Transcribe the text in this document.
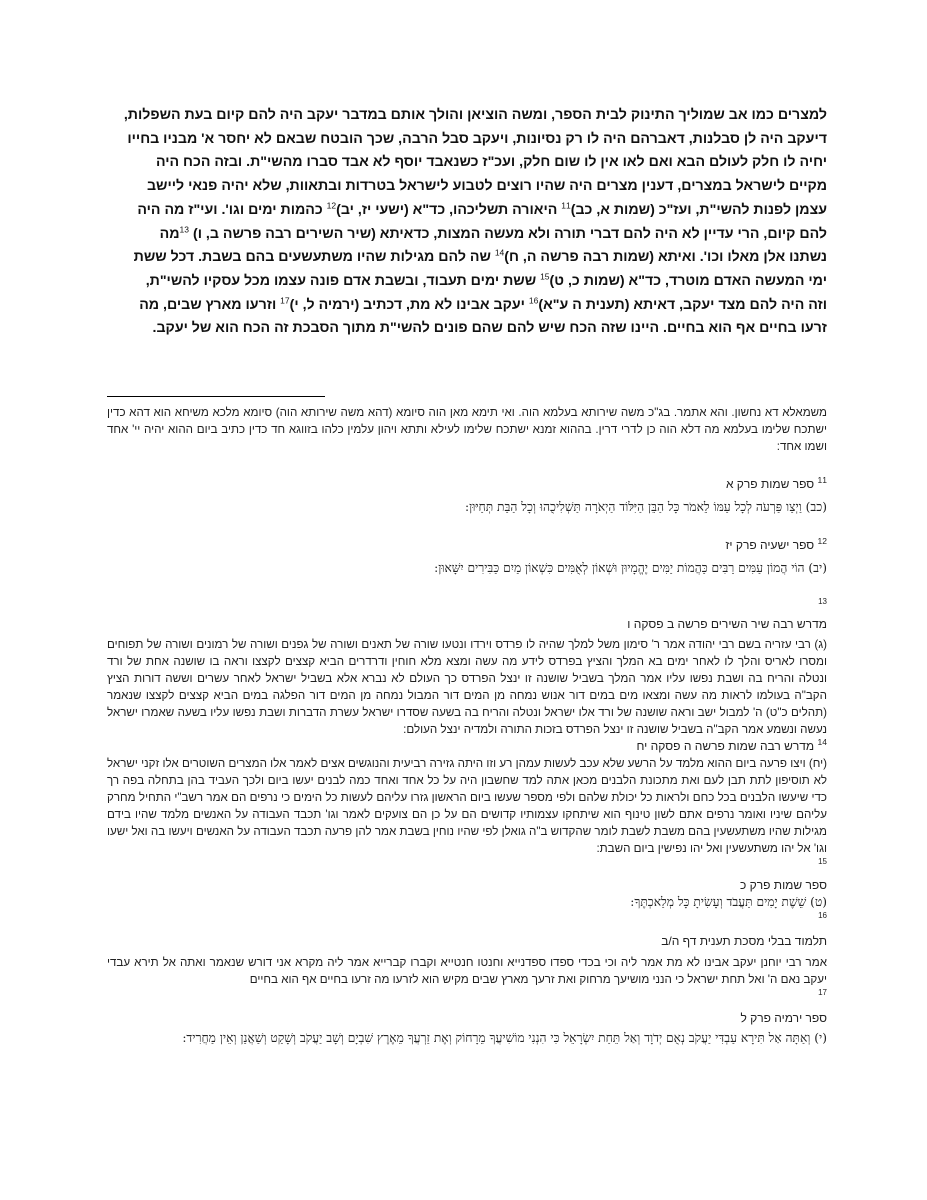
למצרים כמו אב שמוליך התינוק לבית הספר, ומשה הוציאן והולך אותם במדבר יעקב היה להם קיום בעת השפלות,
דיעקב היה לן סבלנות, דאברהם היה לו רק נסיונות, ויעקב סבל הרבה, שכך הובטח שבאם לא יחסר א' מבניו בחייו
יחיה לו חלק לעולם הבא ואם לאו אין לו שום חלק, ועכ"ז כשנאבד יוסף לא אבד סברו מהשי"ת. ובזה הכח היה
מקיים לישראל במצרים, דענין מצרים היה שהיו רוצים לטבוע לישראל בטרדות ובתאוות, שלא יהיה פנאי ליישב
עצמן לפנות להשי"ת, ועז"כ (שמות א, כב)$^{11}$ היאורה תשליכהו, כד"א (ישעי יז, יב)$^{12}$ כהמות ימים וגו'. ועי"ז מה היה
להם קיום, הרי עדיין לא היה להם דברי תורה ולא מעשה המצות, כדאיתא (שיר השירים רבה פרשה ב, ו) $^{13}$מה
נשתנו אלן מאלו וכו'. ואיתא (שמות רבה פרשה ה, ח)$^{14}$ שה להם מגילות שהיו משתעשעים בהם בשבת. דכל ששת
ימי המעשה האדם מוטרד, כד"א (שמות כ, ט)$^{15}$ ששת ימים תעבוד, ובשבת אדם פונה עצמו מכל עסקיו להשי"ת,
וזה היה להם מצד יעקב, דאיתא (תענית ה ע"א)$^{16}$ יעקב אבינו לא מת, דכתיב (ירמיה ל, י)$^{17}$ וזרעו מארץ שבים, מה
זרעו בחיים אף הוא בחיים. היינו שזה הכח שיש להם שהם פונים להשי"ת מתוך הסבכת זה הכח הוא של יעקב.

משמאלא דא נחשון. והא אתמר. בג"כ משה שירותא בעלמא הוה. ואי תימא מאן הוה סיומא (דהא משה שירותא הוה) סיומא מלכא משיחא הוא דהא כדין ישתכח שלימו בעלמא מה דלא הוה כן לדרי דרין. בההוא זמנא ישתכח שלימו לעילא ותתא ויהון עלמין כלהו בזווגא חד כדין כתיב ביום ההוא יהיה יי' אחד ושמו אחד:

$^{11}$ ספר שמות פרק א

(כב) וַיְצַו פַּרְעֹה לְכָל עַמּוֹ לֵאמֹר כָּל הַבֵּן הַיִּלּוֹד הַיְאֹרָה תַּשְׁלִיכֻהוּ וְכָל הַבַּת תְּחַיּוּן:

$^{12}$ ספר ישעיה פרק יז

(יב) הוֹי הֲמוֹן עַמִּים רַבִּים כַּהֲמוֹת יַמִּים יֶהֱמָיוּן וּשְׁאוֹן לְאֻמִּים כִּשְׁאוֹן מַיִם כַּבִּירִים יִשָּׁאוּן:

13

מדרש רבה שיר השירים פרשה ב פסקה ו

(ג) רבי עזריה בשם רבי יהודה אמר ר' סימון משל למלך שהיה לו פרדס וירדו ונטעו שורה של תאנים ושורה של גפנים ושורה של רמונים ושורה של תפוחים ומסרו לאריס והלך לו לאחר ימים בא המלך והציץ בפרדס לידע מה עשה ומצא מלא חוחין ודרדרים הביא קצצים לקצצו וראה בו שושנה אחת של ורד ונטלה והריח בה ושבת נפשו עליו אמר המלך בשביל שושנה זו ינצל הפרדס כך העולם לא נברא אלא בשביל ישראל לאחר עשרים וששה דורות הציץ הקב"ה בעולמו לראות מה עשה ומצאו מים במים דור אנוש נמחה מן המים דור המבול נמחה מן המים דור הפלגה במים הביא קצצים לקצצו שנאמר (תהלים כ"ט) ה' למבול ישב וראה שושנה של ורד אלו ישראל ונטלה והריח בה בשעה שסדרו ישראל עשרת הדברות ושבת נפשו עליו בשעה שאמרו ישראל נעשה ונשמע אמר הקב"ה בשביל שושנה זו ינצל הפרדס בזכות התורה ולמדיה ינצל העולם:

$^{14}$ מדרש רבה שמות פרשה ה פסקה יח

(יח) ויצו פרעה ביום ההוא מלמד על הרשע שלא עכב לעשות עמהן רע וזו היתה גזירה רביעית והנוגשים אצים לאמר אלו המצרים השוטרים אלו זקני ישראל לא תוסיפון לתת תבן לעם ואת מתכונת הלבנים מכאן אתה למד שחשבון היה על כל אחד ואחד כמה לבנים יעשו ביום ולכך העביד בהן בתחלה בפה רך כדי שיעשו הלבנים בכל כחם ולראות כל יכולת שלהם ולפי מספר שעשו ביום הראשון גזרו עליהם לעשות כל הימים כי נרפים הם אמר רשב"י התחיל מחרק עליהם שיניו ואומר נרפים אתם לשון טינוף הוא שיתחקו עצמותיו קדושים הם על כן הם צועקים לאמר וגו' תכבד העבודה על האנשים מלמד שהיו בידם מגילות שהיו משתעשעין בהם משבת לשבת לומר שהקדוש ב"ה גואלן לפי שהיו נוחין בשבת אמר להן פרעה תכבד העבודה על האנשים ויעשו בה ואל ישעו וגו' אל יהו משתעשעין ואל יהו נפישין ביום השבת:

15

ספר שמות פרק כ

(ט) שֵׁשֶׁת יָמִים תַּעֲבֹד וְעָשִׂיתָ כָּל מְלַאכְתֶּךָ:

16

תלמוד בבלי מסכת תענית דף ה/ב

אמר רבי יוחנן יעקב אבינו לא מת אמר ליה וכי בכדי ספדו ספדנייא וחנטו חנטייא וקברו קברייא אמר ליה מקרא אני דורש שנאמר ואתה אל תירא עבדי יעקב נאם ה' ואל תחת ישראל כי הנני מושיעך מרחוק ואת זרעך מארץ שבים מקיש הוא לזרעו מה זרעו בחיים אף הוא בחיים

17

ספר ירמיה פרק ל

(י) וְאַתָּה אַל תִּירָא עַבְדִּי יַעֲקֹב נְאֻם יְדֹוָד וְאַל תֵּחַת יִשְׂרָאֵל כִּי הִנְנִי מוֹשִׁיעֲךָ מֵרָחוֹק וְאֶת זַרְעֲךָ מֵאֶרֶץ שִׁבְיָם וְשָׁב יַעֲקֹב וְשָׁקַט וְשַׁאֲנַן וְאֵין מַחֲרִיד:
